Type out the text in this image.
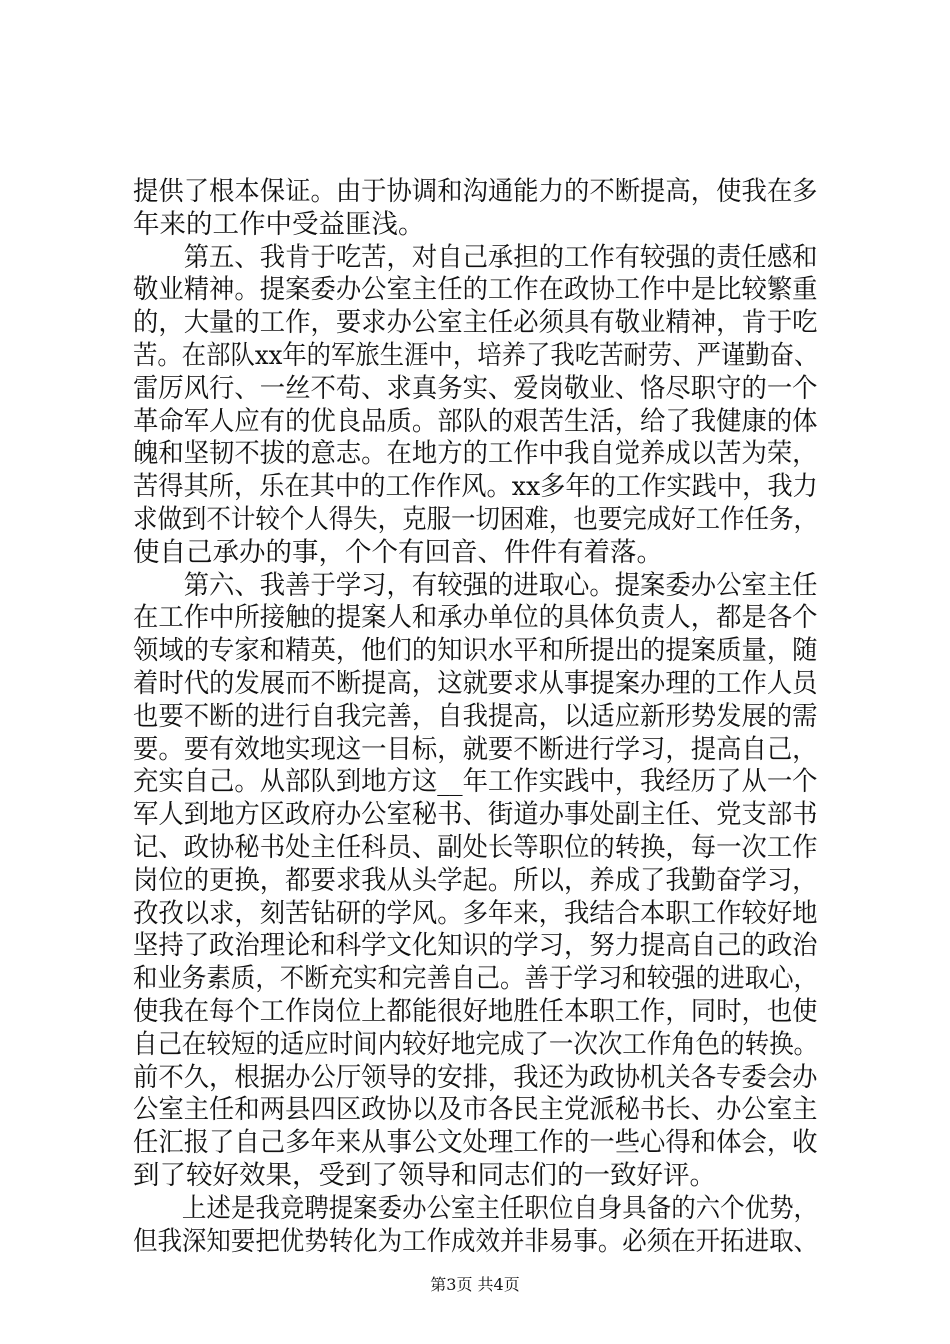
提供了根本保证。由于协调和沟通能力的不断提高，使我在多
年来的工作中受益匪浅。
　　第五、我肯于吃苦，对自己承担的工作有较强的责任感和
敬业精神。提案委办公室主任的工作在政协工作中是比较繁重
的，大量的工作，要求办公室主任必须具有敬业精神，肯于吃
苦。在部队xx年的军旅生涯中，培养了我吃苦耐劳、严谨勤奋、
雷厉风行、一丝不苟、求真务实、爱岗敬业、恪尽职守的一个
革命军人应有的优良品质。部队的艰苦生活，给了我健康的体
魄和坚韧不拔的意志。在地方的工作中我自觉养成以苦为荣，
苦得其所，乐在其中的工作作风。xx多年的工作实践中，我力
求做到不计较个人得失，克服一切困难，也要完成好工作任务，
使自己承办的事，个个有回音、件件有着落。
　　第六、我善于学习，有较强的进取心。提案委办公室主任
在工作中所接触的提案人和承办单位的具体负责人，都是各个
领域的专家和精英，他们的知识水平和所提出的提案质量，随
着时代的发展而不断提高，这就要求从事提案办理的工作人员
也要不断的进行自我完善，自我提高，以适应新形势发展的需
要。要有效地实现这一目标，就要不断进行学习，提高自己，
充实自己。从部队到地方这__年工作实践中，我经历了从一个
军人到地方区政府办公室秘书、街道办事处副主任、党支部书
记、政协秘书处主任科员、副处长等职位的转换，每一次工作
岗位的更换，都要求我从头学起。所以，养成了我勤奋学习，
孜孜以求，刻苦钻研的学风。多年来，我结合本职工作较好地
坚持了政治理论和科学文化知识的学习，努力提高自己的政治
和业务素质，不断充实和完善自己。善于学习和较强的进取心，
使我在每个工作岗位上都能很好地胜任本职工作，同时，也使
自己在较短的适应时间内较好地完成了一次次工作角色的转换。
前不久，根据办公厅领导的安排，我还为政协机关各专委会办
公室主任和两县四区政协以及市各民主党派秘书长、办公室主
任汇报了自己多年来从事公文处理工作的一些心得和体会，收
到了较好效果，受到了领导和同志们的一致好评。
　　上述是我竞聘提案委办公室主任职位自身具备的六个优势，
但我深知要把优势转化为工作成效并非易事。必须在开拓进取、
第3页 共4页
